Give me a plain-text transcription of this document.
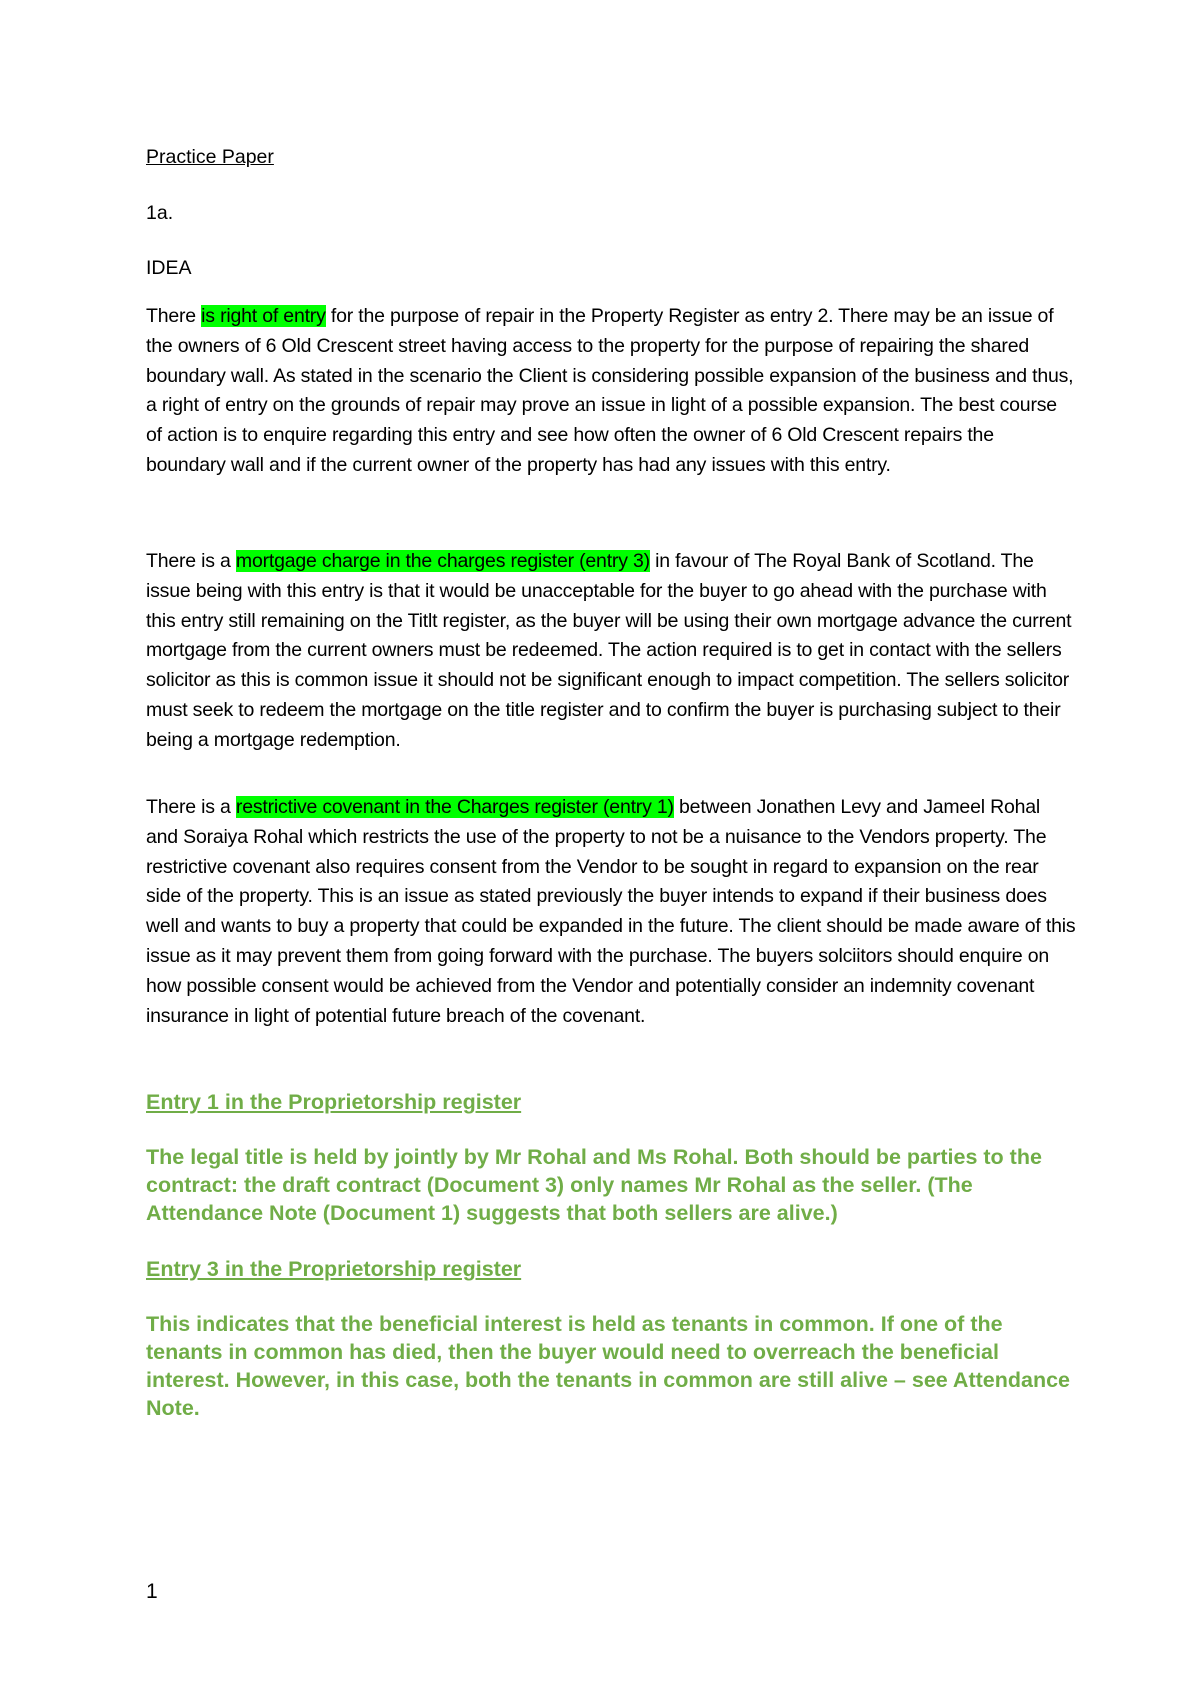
Practice Paper
1a.
IDEA
There is right of entry for the purpose of repair in the Property Register as entry 2. There may be an issue of the owners of 6 Old Crescent street having access to the property for the purpose of repairing the shared boundary wall. As stated in the scenario the Client is considering possible expansion of the business and thus, a right of entry on the grounds of repair may prove an issue in light of a possible expansion. The best course of action is to enquire regarding this entry and see how often the owner of 6 Old Crescent repairs the boundary wall and if the current owner of the property has had any issues with this entry.
There is a mortgage charge in the charges register (entry 3) in favour of The Royal Bank of Scotland. The issue being with this entry is that it would be unacceptable for the buyer to go ahead with the purchase with this entry still remaining on the Titlt register, as the buyer will be using their own mortgage advance the current mortgage from the current owners must be redeemed. The action required is to get in contact with the sellers solicitor as this is common issue it should not be significant enough to impact competition. The sellers solicitor must seek to redeem the mortgage on the title register and to confirm the buyer is purchasing subject to their being a mortgage redemption.
There is a restrictive covenant in the Charges register (entry 1) between Jonathen Levy and Jameel Rohal and Soraiya Rohal which restricts the use of the property to not be a nuisance to the Vendors property. The restrictive covenant also requires consent from the Vendor to be sought in regard to expansion on the rear side of the property. This is an issue as stated previously the buyer intends to expand if their business does well and wants to buy a property that could be expanded in the future. The client should be made aware of this issue as it may prevent them from going forward with the purchase. The buyers solciitors should enquire on how possible consent would be achieved from the Vendor and potentially consider an indemnity covenant insurance in light of potential future breach of the covenant.
Entry 1 in the Proprietorship register
The legal title is held by jointly by Mr Rohal and Ms Rohal. Both should be parties to the contract: the draft contract (Document 3) only names Mr Rohal as the seller. (The Attendance Note (Document 1) suggests that both sellers are alive.)
Entry 3 in the Proprietorship register
This indicates that the beneficial interest is held as tenants in common. If one of the tenants in common has died, then the buyer would need to overreach the beneficial interest. However, in this case, both the tenants in common are still alive – see Attendance Note.
1
